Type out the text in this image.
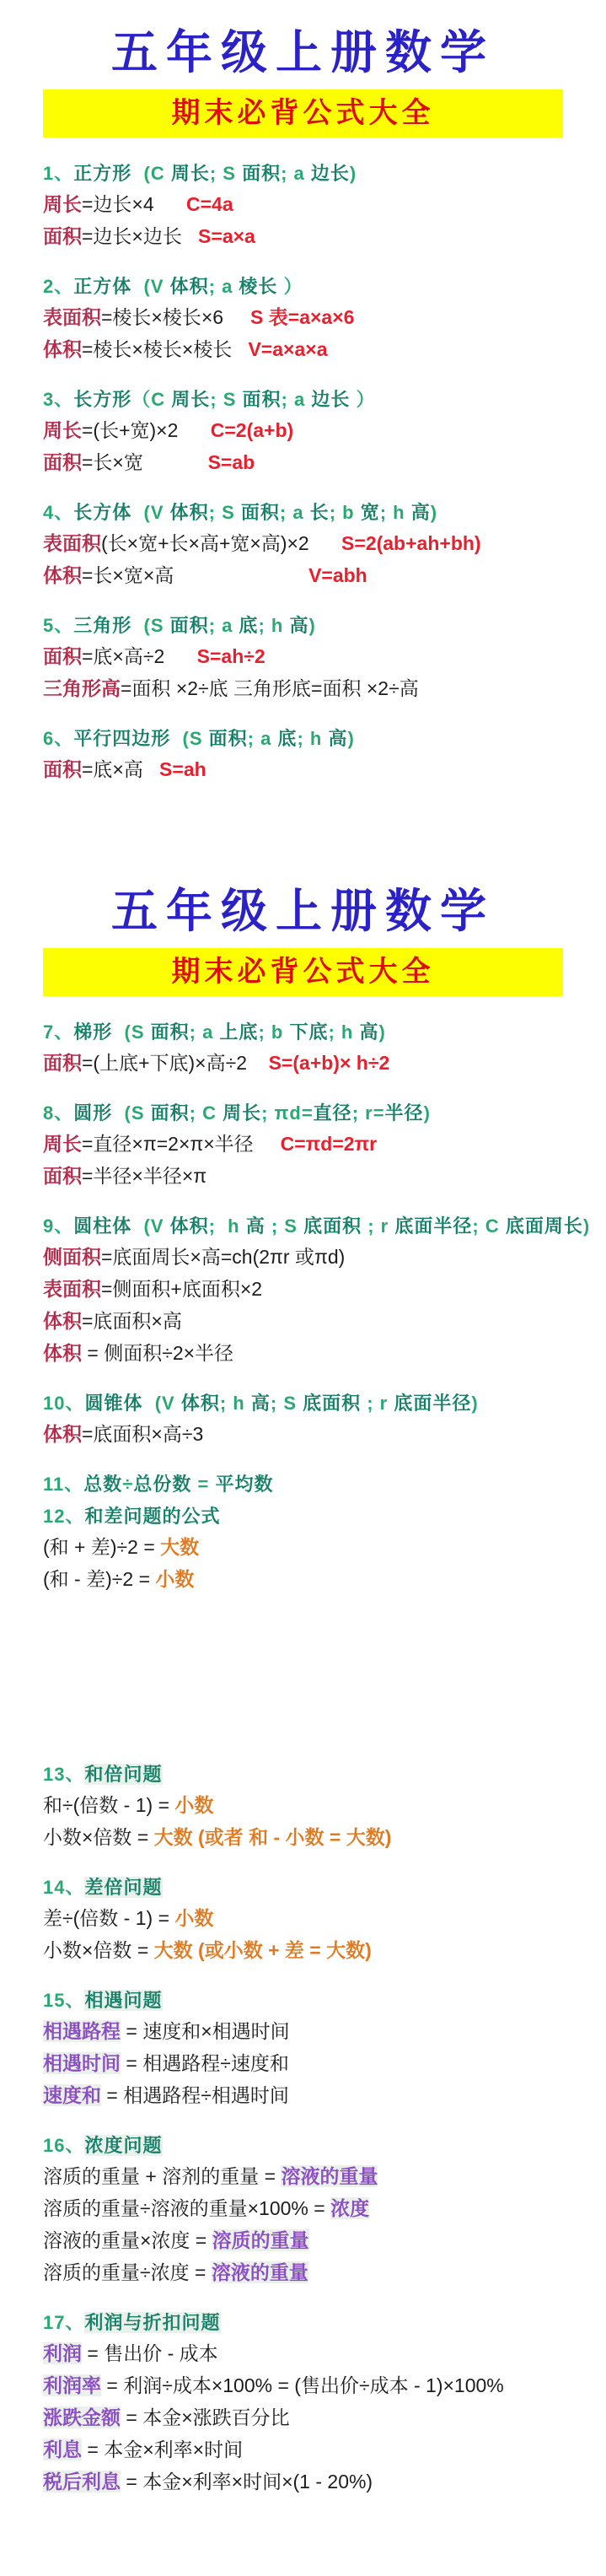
五年级上册数学
期末必背公式大全
1、正方形  (C 周长; S 面积; a 边长)
周长=边长×4 C=4a
面积=边长×边长 S=a×a
2、正方体  (V 体积; a 棱长 ）
表面积=棱长×棱长×6 S 表=a×a×6
体积=棱长×棱长×棱长 V=a×a×a
3、长方形（C 周长; S 面积; a 边长 ）
周长=(长+宽)×2 C=2(a+b)
面积=长×宽	S=ab
4、长方体  (V 体积; S 面积; a 长; b 宽; h 高)
表面积(长×宽+长×高+宽×高)×2 S=2(ab+ah+bh)
体积=长×宽×高	V=abh
5、三角形  (S 面积; a 底; h 高)
面积=底×高÷2 S=ah÷2
三角形高=面积 ×2÷底 三角形底=面积 ×2÷高
6、平行四边形  (S 面积; a 底; h 高)
面积=底×高 S=ah
五年级上册数学
期末必背公式大全
7、梯形  (S 面积; a 上底; b 下底; h 高)
面积=(上底+下底)×高÷2 S=(a+b)× h÷2
8、圆形  (S 面积; C 周长; πd=直径; r=半径)
周长=直径×π=2×π×半径 C=πd=2πr
面积=半径×半径×π
9、圆柱体  (V 体积;  h 高 ; S 底面积 ; r 底面半径; C 底面周长)
侧面积=底面周长×高=ch(2πr 或πd)
表面积=侧面积+底面积×2
体积=底面积×高
体积 = 侧面积÷2×半径
10、圆锥体  (V 体积; h 高; S 底面积 ; r 底面半径)
体积=底面积×高÷3
11、总数÷总份数 = 平均数
12、和差问题的公式
(和 + 差)÷2 = 大数
(和 - 差)÷2 = 小数
13、和倍问题
和÷(倍数 - 1) = 小数
小数×倍数 = 大数 (或者 和 - 小数 = 大数)
14、差倍问题
差÷(倍数 - 1) = 小数
小数×倍数 = 大数 (或小数 + 差 = 大数)
15、相遇问题
相遇路程 = 速度和×相遇时间
相遇时间 = 相遇路程÷速度和
速度和 = 相遇路程÷相遇时间
16、浓度问题
溶质的重量 + 溶剂的重量 = 溶液的重量
溶质的重量÷溶液的重量×100% = 浓度
溶液的重量×浓度 = 溶质的重量
溶质的重量÷浓度 = 溶液的重量
17、利润与折扣问题
利润 = 售出价 - 成本
利润率 = 利润÷成本×100% = (售出价÷成本 - 1)×100%
涨跌金额 = 本金×涨跌百分比
利息 = 本金×利率×时间
税后利息 = 本金×利率×时间×(1 - 20%)
